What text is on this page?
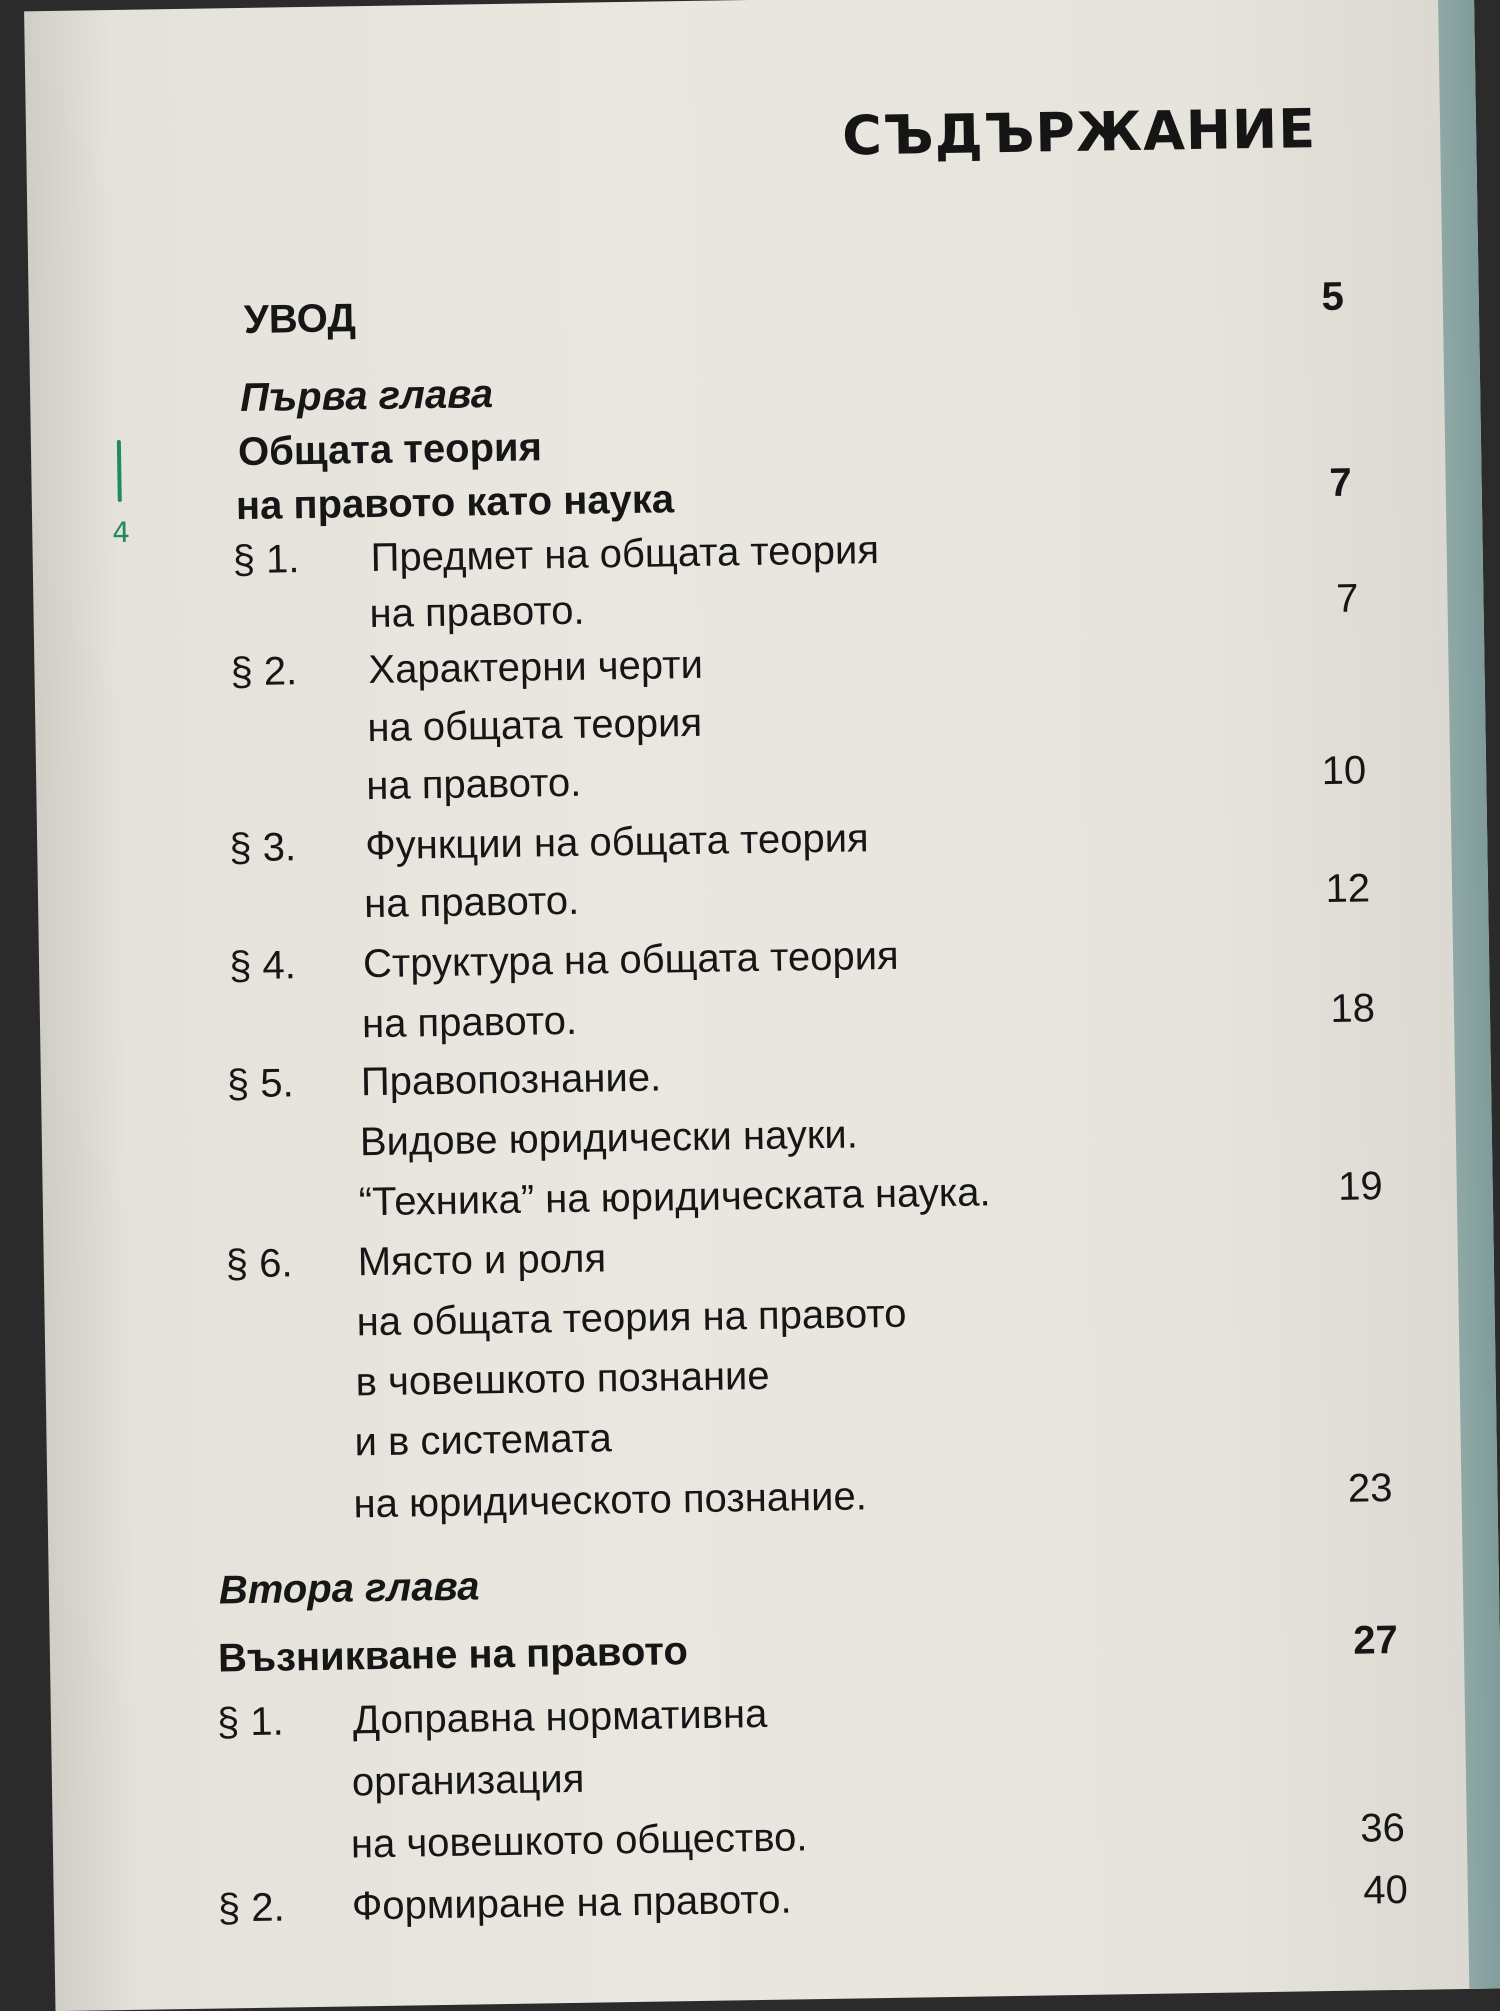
СЪДЪРЖАНИЕ
4
УВОД	5
Първа глава
Общата теория
на правото като наука	7
§ 1. Предмет на общата теория
на правото.	7
§ 2. Характерни черти
на общата теория
на правото.	10
§ 3. Функции на общата теория
на правото.	12
§ 4. Структура на общата теория
на правото.	18
§ 5. Правопознание.
Видове юридически науки.
“Техника” на юридическата наука.	19
§ 6. Място и роля
на общата теория на правото
в човешкото познание
и в системата
на юридическото познание.	23
Втора глава
Възникване на правото	27
§ 1. Доправна нормативна
организация
на човешкото общество.	36
§ 2. Формиране на правото.	40
